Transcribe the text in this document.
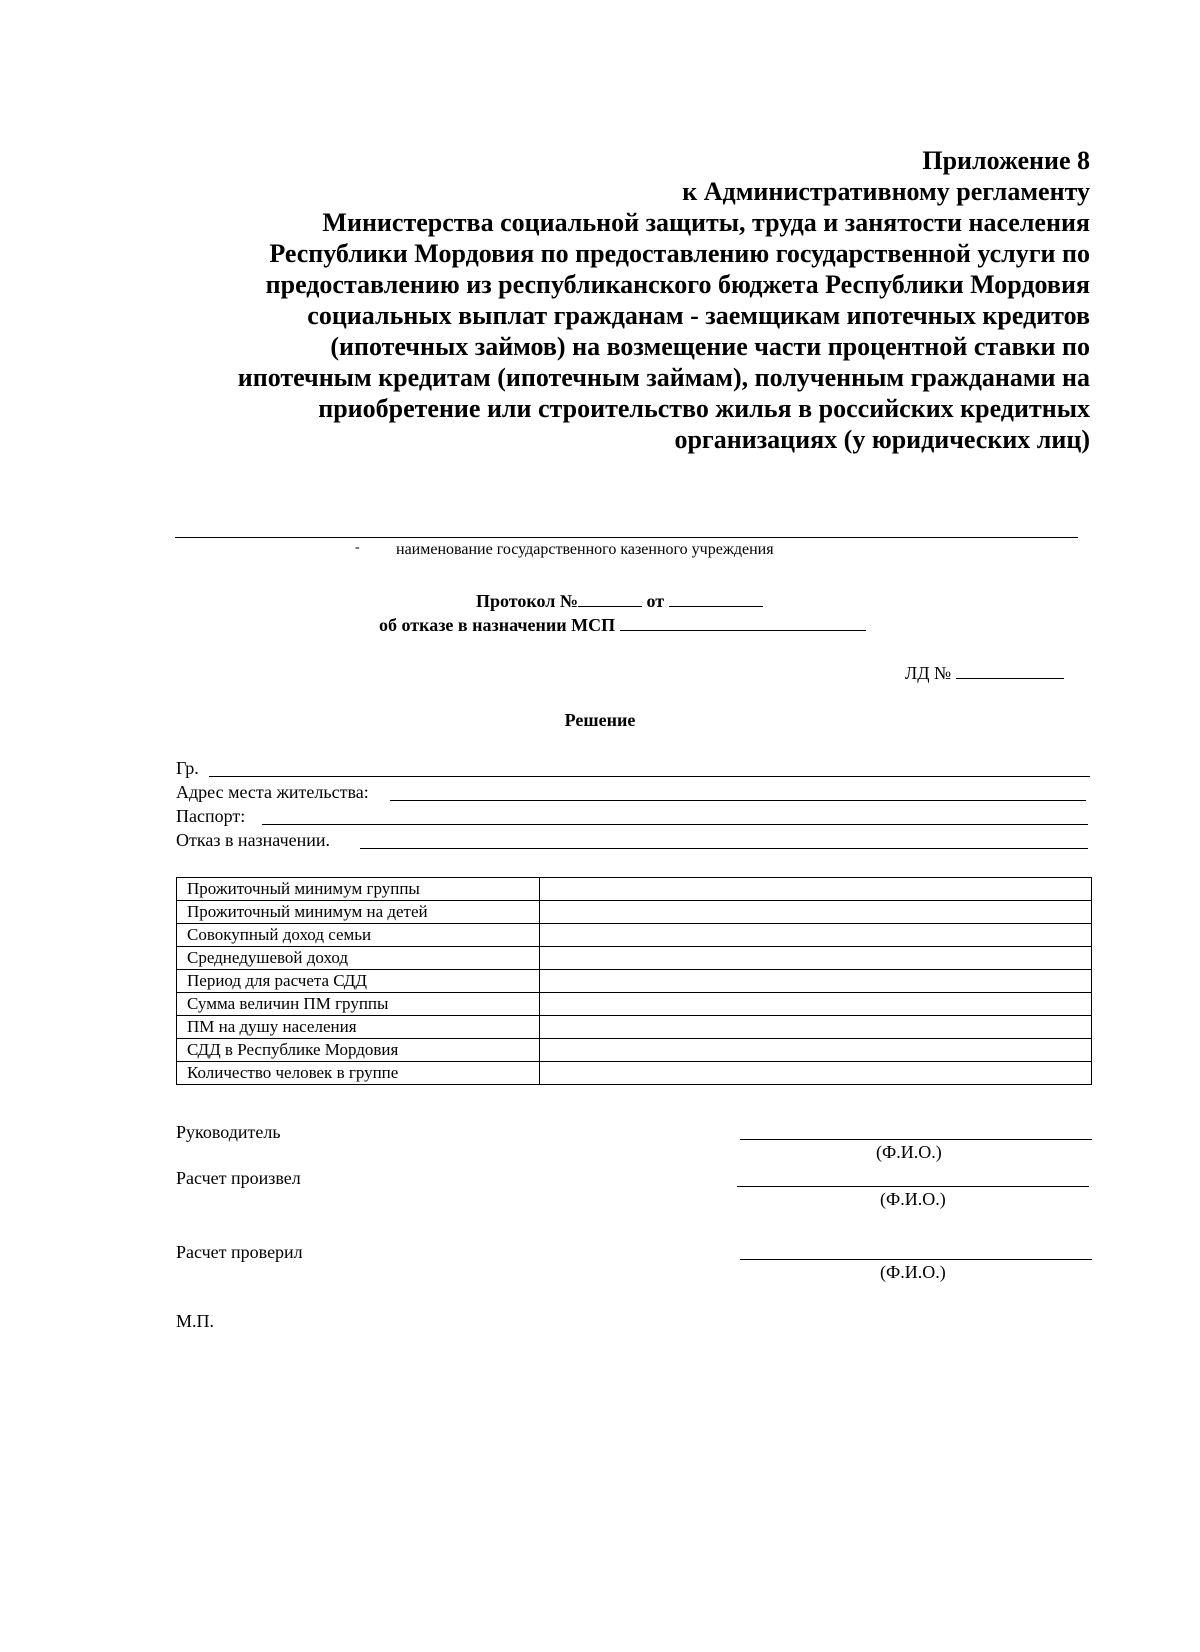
Приложение 8
к Административному регламенту
Министерства социальной защиты, труда и занятости населения
Республики Мордовия по предоставлению государственной услуги по
предоставлению из республиканского бюджета Республики Мордовия
социальных выплат гражданам - заемщикам ипотечных кредитов
(ипотечных займов) на возмещение части процентной ставки по
ипотечным кредитам (ипотечным займам), полученным гражданами на
приобретение или строительство жилья в российских кредитных
организациях (у юридических лиц)
- наименование государственного казенного учреждения
Протокол №	от
об отказе в назначении МСП
ЛД №
Решение
Гр.
Адрес места жительства:
Паспорт:
Отказ в назначении.
Прожиточный минимум группы	
Прожиточный минимум на детей	
Совокупный доход семьи	
Среднедушевой доход	
Период для расчета СДД	
Сумма величин ПМ группы	
ПМ на душу населения	
СДД в Республике Мордовия	
Количество человек в группе	
Руководитель
(Ф.И.О.)
Расчет произвел
(Ф.И.О.)
Расчет проверил
(Ф.И.О.)
М.П.
